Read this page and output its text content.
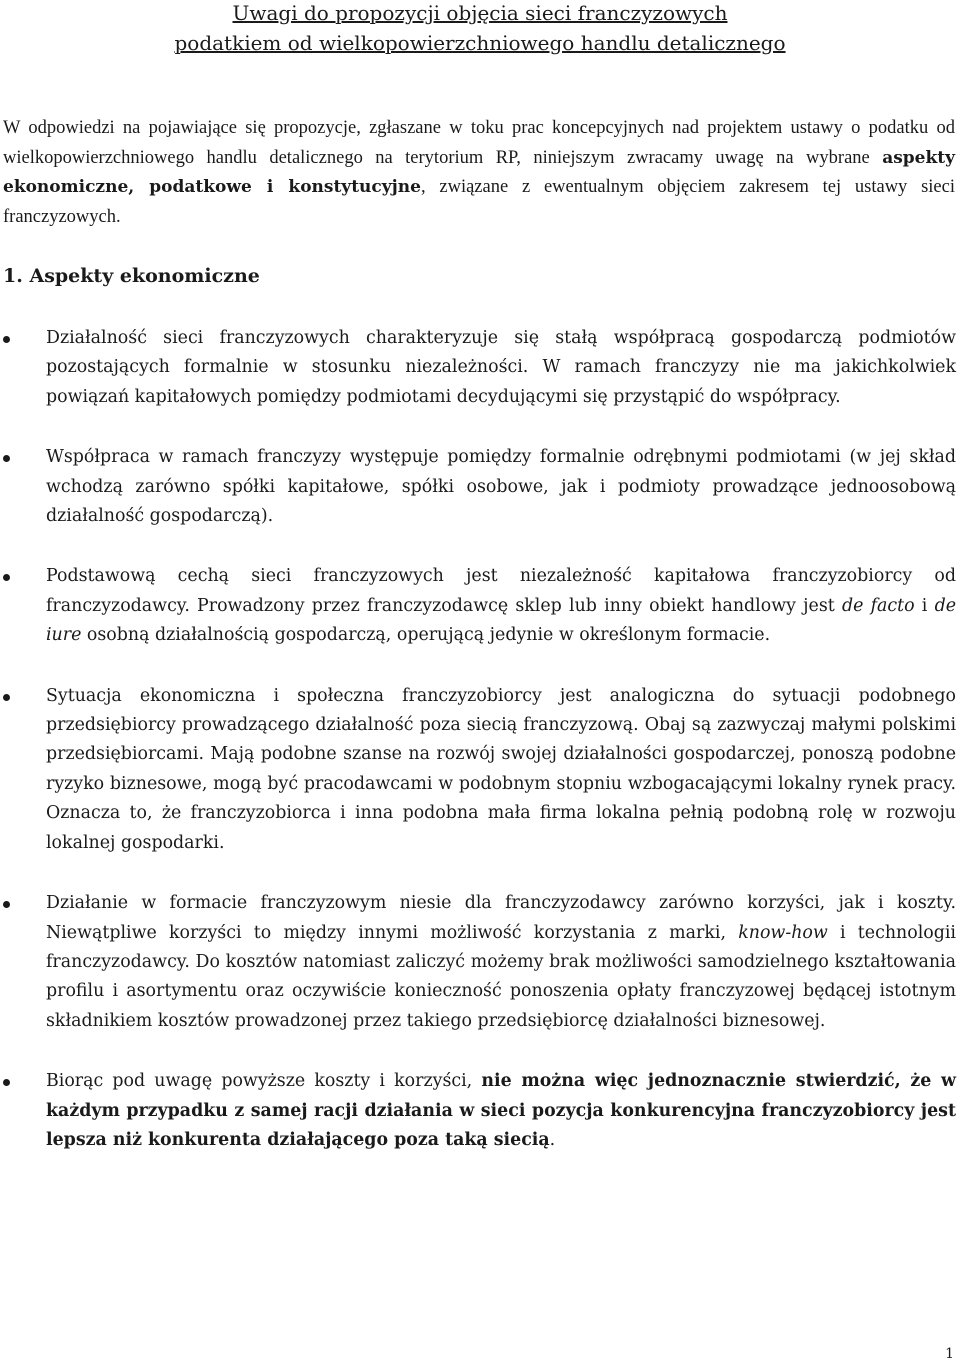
Uwagi do propozycji objęcia sieci franczyzowych

podatkiem od wielkopowierzchniowego handlu detalicznego

W odpowiedzi na pojawiające się propozycje, zgłaszane w toku prac koncepcyjnych nad projektem ustawy o podatku od wielkopowierzchniowego handlu detalicznego na terytorium RP, niniejszym zwracamy uwagę na wybrane aspekty ekonomiczne, podatkowe i konstytucyjne, związane z ewentualnym objęciem zakresem tej ustawy sieci franczyzowych.

1. Aspekty ekonomiczne

Działalność sieci franczyzowych charakteryzuje się stałą współpracą gospodarczą podmiotów pozostających formalnie w stosunku niezależności. W ramach franczyzy nie ma jakichkolwiek powiązań kapitałowych pomiędzy podmiotami decydującymi się przystąpić do współpracy.

Współpraca w ramach franczyzy występuje pomiędzy formalnie odrębnymi podmiotami (w jej skład wchodzą zarówno spółki kapitałowe, spółki osobowe, jak i podmioty prowadzące jednoosobową działalność gospodarczą).

Podstawową cechą sieci franczyzowych jest niezależność kapitałowa franczyzobiorcy od franczyzodawcy. Prowadzony przez franczyzodawcę sklep lub inny obiekt handlowy jest de facto i de iure osobną działalnością gospodarczą, operującą jedynie w określonym formacie.

Sytuacja ekonomiczna i społeczna franczyzobiorcy jest analogiczna do sytuacji podobnego przedsiębiorcy prowadzącego działalność poza siecią franczyzową. Obaj są zazwyczaj małymi polskimi przedsiębiorcami. Mają podobne szanse na rozwój swojej działalności gospodarczej, ponoszą podobne ryzyko biznesowe, mogą być pracodawcami w podobnym stopniu wzbogacającymi lokalny rynek pracy. Oznacza to, że franczyzobiorca i inna podobna mała firma lokalna pełnią podobną rolę w rozwoju lokalnej gospodarki.

Działanie w formacie franczyzowym niesie dla franczyzodawcy zarówno korzyści, jak i koszty. Niewątpliwe korzyści to między innymi możliwość korzystania z marki, know-how i technologii franczyzodawcy. Do kosztów natomiast zaliczyć możemy brak możliwości samodzielnego kształtowania profilu i asortymentu oraz oczywiście konieczność ponoszenia opłaty franczyzowej będącej istotnym składnikiem kosztów prowadzonej przez takiego przedsiębiorcę działalności biznesowej.

Biorąc pod uwagę powyższe koszty i korzyści, nie można więc jednoznacznie stwierdzić, że w każdym przypadku z samej racji działania w sieci pozycja konkurencyjna franczyzobiorcy jest lepsza niż konkurenta działającego poza taką siecią.

1
